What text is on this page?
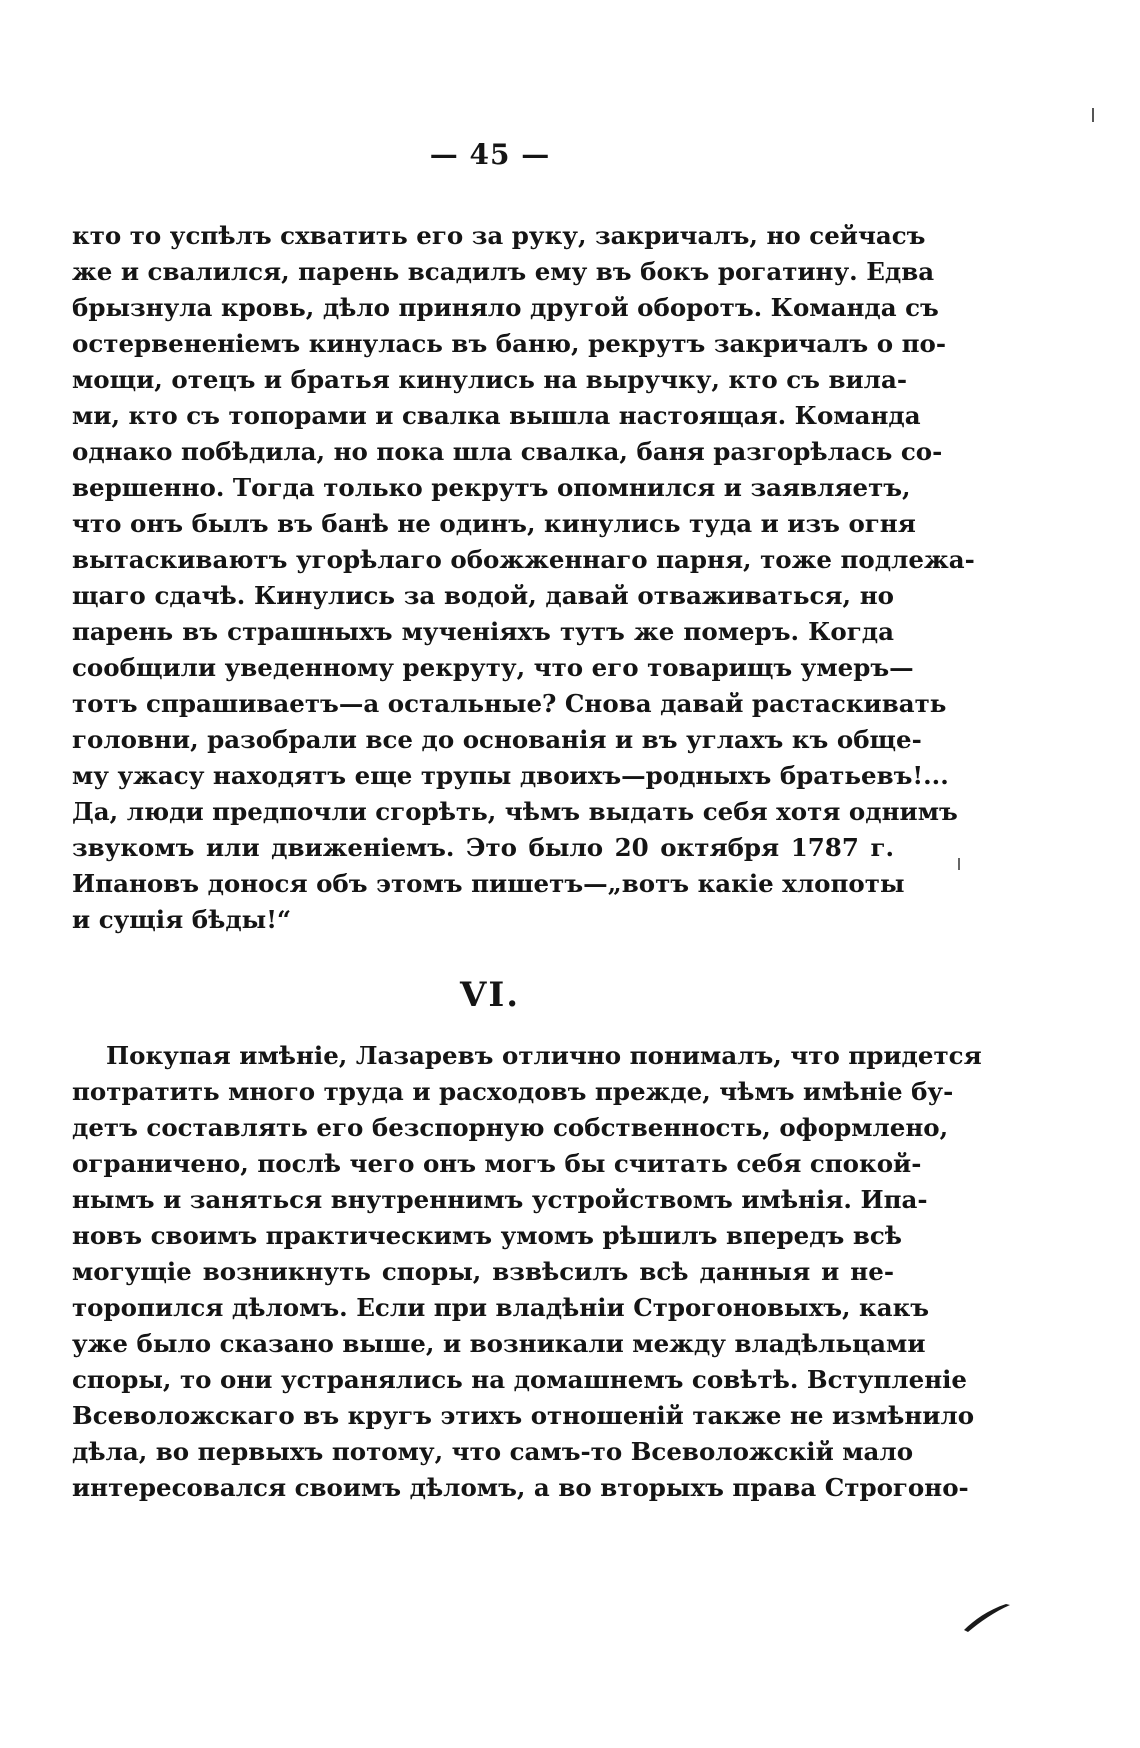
— 45 —
кто то успѣлъ схватить его за руку, закричалъ, но сейчасъ
же и свалился, парень всадилъ ему въ бокъ рогатину. Едва
брызнула кровь, дѣло приняло другой оборотъ. Команда съ
остервененіемъ кинулась въ баню, рекрутъ закричалъ о по-
мощи, отецъ и братья кинулись на выручку, кто съ вила-
ми, кто съ топорами и свалка вышла настоящая. Команда
однако побѣдила, но пока шла свалка, баня разгорѣлась со-
вершенно. Тогда только рекрутъ опомнился и заявляетъ,
что онъ былъ въ банѣ не одинъ, кинулись туда и изъ огня
вытаскиваютъ угорѣлаго обожженнаго парня, тоже подлежа-
щаго сдачѣ. Кинулись за водой, давай отваживаться, но
парень въ страшныхъ мученіяхъ тутъ же померъ. Когда
сообщили уведенному рекруту, что его товарищъ умеръ—
тотъ спрашиваетъ—а остальные? Снова давай растаскивать
головни, разобрали все до основанія и въ углахъ къ обще-
му ужасу находятъ еще трупы двоихъ—родныхъ братьевъ!...
Да, люди предпочли сгорѣть, чѣмъ выдать себя хотя однимъ
звукомъ или движеніемъ. Это было 20 октября 1787 г.
Ипановъ донося объ этомъ пишетъ—„вотъ какіе хлопоты
и сущія бѣды!“
VI.
Покупая имѣніе, Лазаревъ отлично понималъ, что придется
потратить много труда и расходовъ прежде, чѣмъ имѣніе бу-
детъ составлять его безспорную собственность, оформлено,
ограничено, послѣ чего онъ могъ бы считать себя спокой-
нымъ и заняться внутреннимъ устройствомъ имѣнія. Ипа-
новъ своимъ практическимъ умомъ рѣшилъ впередъ всѣ
могущіе возникнуть споры, взвѣсилъ всѣ данныя и не-
торопился дѣломъ. Если при владѣніи Строгоновыхъ, какъ
уже было сказано выше, и возникали между владѣльцами
споры, то они устранялись на домашнемъ совѣтѣ. Вступленіе
Всеволожскаго въ кругъ этихъ отношеній также не измѣнило
дѣла, во первыхъ потому, что самъ-то Всеволожскій мало
интересовался своимъ дѣломъ, а во вторыхъ права Строгоно-
